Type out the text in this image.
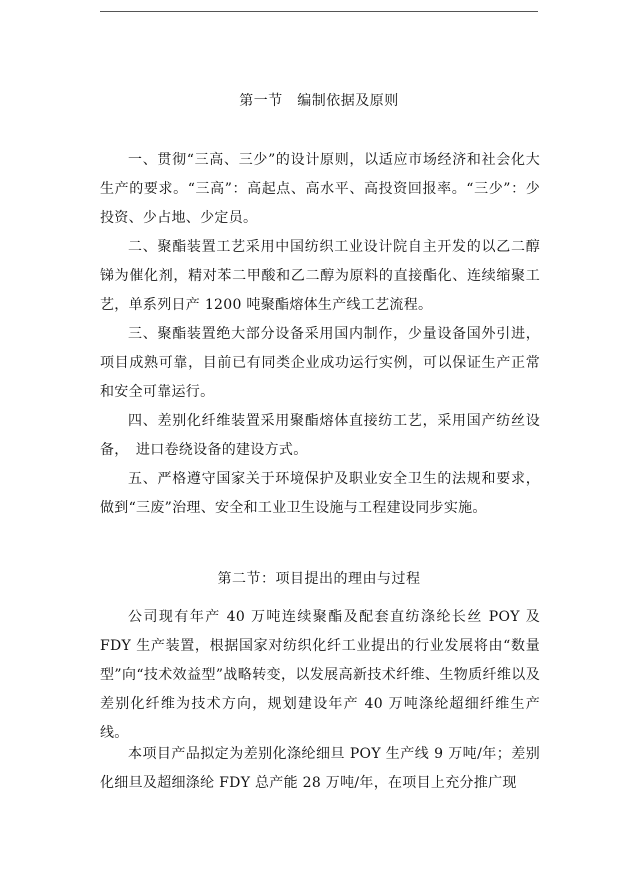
第一节　编制依据及原则

一、贯彻“三高、三少”的设计原则，以适应市场经济和社会化大生产的要求。“三高”：高起点、高水平、高投资回报率。“三少”：少投资、少占地、少定员。

二、聚酯装置工艺采用中国纺织工业设计院自主开发的以乙二醇锑为催化剂，精对苯二甲酸和乙二醇为原料的直接酯化、连续缩聚工艺，单系列日产 1200 吨聚酯熔体生产线工艺流程。

三、聚酯装置绝大部分设备采用国内制作，少量设备国外引进，项目成熟可靠，目前已有同类企业成功运行实例，可以保证生产正常和安全可靠运行。

四、差别化纤维装置采用聚酯熔体直接纺工艺，采用国产纺丝设备，　进口卷绕设备的建设方式。

五、严格遵守国家关于环境保护及职业安全卫生的法规和要求，做到“三废”治理、安全和工业卫生设施与工程建设同步实施。

第二节：项目提出的理由与过程

公司现有年产 40 万吨连续聚酯及配套直纺涤纶长丝 POY 及 FDY 生产装置，根据国家对纺织化纤工业提出的行业发展将由“数量型”向“技术效益型”战略转变，以发展高新技术纤维、生物质纤维以及差别化纤维为技术方向，规划建设年产 40 万吨涤纶超细纤维生产线。

本项目产品拟定为差别化涤纶细旦 POY 生产线 9 万吨/年；差别化细旦及超细涤纶 FDY 总产能 28 万吨/年，在项目上充分推广现
